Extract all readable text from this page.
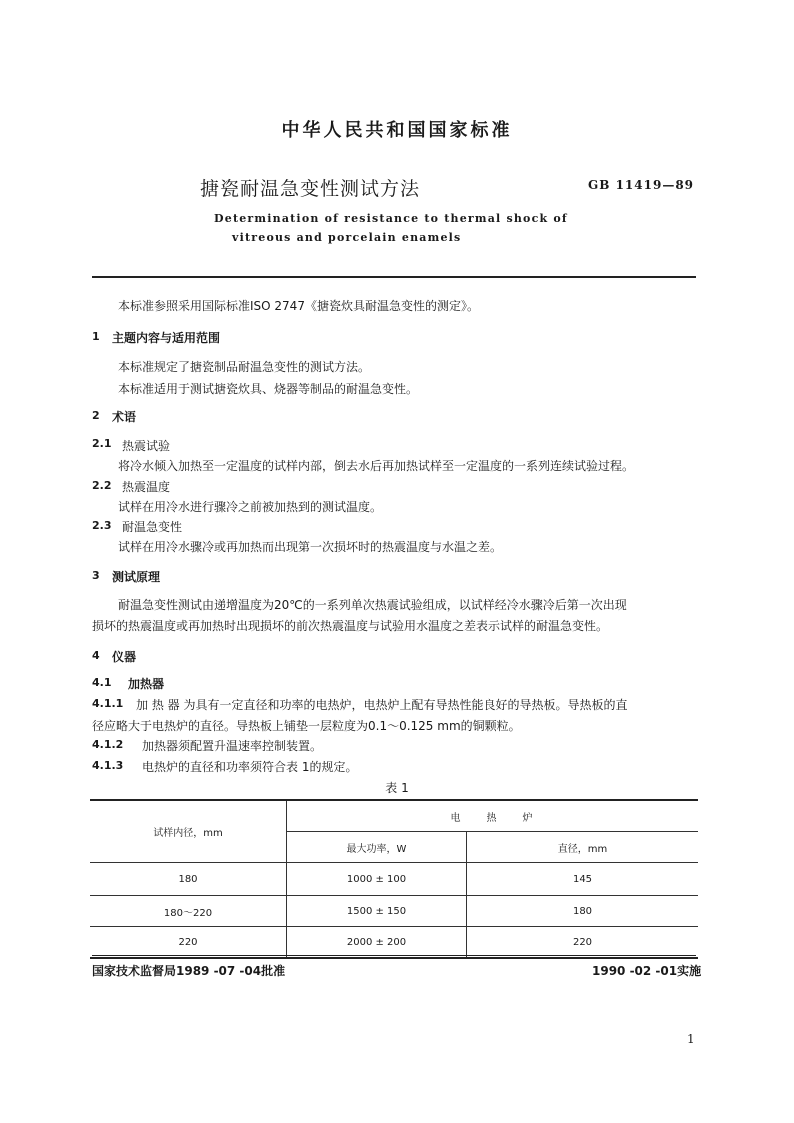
中华人民共和国国家标准
搪瓷耐温急变性测试方法	GB 11419—89
Determination of resistance to thermal shock of
vitreous and porcelain enamels
本标准参照采用国际标准ISO 2747《搪瓷炊具耐温急变性的测定》。
1 主题内容与适用范围
本标准规定了搪瓷制品耐温急变性的测试方法。
本标准适用于测试搪瓷炊具、烧器等制品的耐温急变性。
2 术语
2.1 热震试验
将冷水倾入加热至一定温度的试样内部，倒去水后再加热试样至一定温度的一系列连续试验过程。
2.2 热震温度
试样在用冷水进行骤冷之前被加热到的测试温度。
2.3 耐温急变性
试样在用冷水骤冷或再加热而出现第一次损坏时的热震温度与水温之差。
3 测试原理
耐温急变性测试由递增温度为20℃的一系列单次热震试验组成，以试样经冷水骤冷后第一次出现
损坏的热震温度或再加热时出现损坏的前次热震温度与试验用水温度之差表示试样的耐温急变性。
4 仪器
4.1 加热器
4.1.1 加 热 器 为具有一定直径和功率的电热炉，电热炉上配有导热性能良好的导热板。导热板的直
径应略大于电热炉的直径。导热板上铺垫一层粒度为0.1～0.125 mm的铜颗粒。
4.1.2 加热器须配置升温速率控制装置。
4.1.3 电热炉的直径和功率须符合表 1的规定。
表 1
试样内径，mm	电　　热　　炉	
	最大功率，W	直径，mm
180	1000 ± 100	145
180～220	1500 ± 150	180
220	2000 ± 200	220
国家技术监督局1989 -07 -04批准	1990 -02 -01实施
1
